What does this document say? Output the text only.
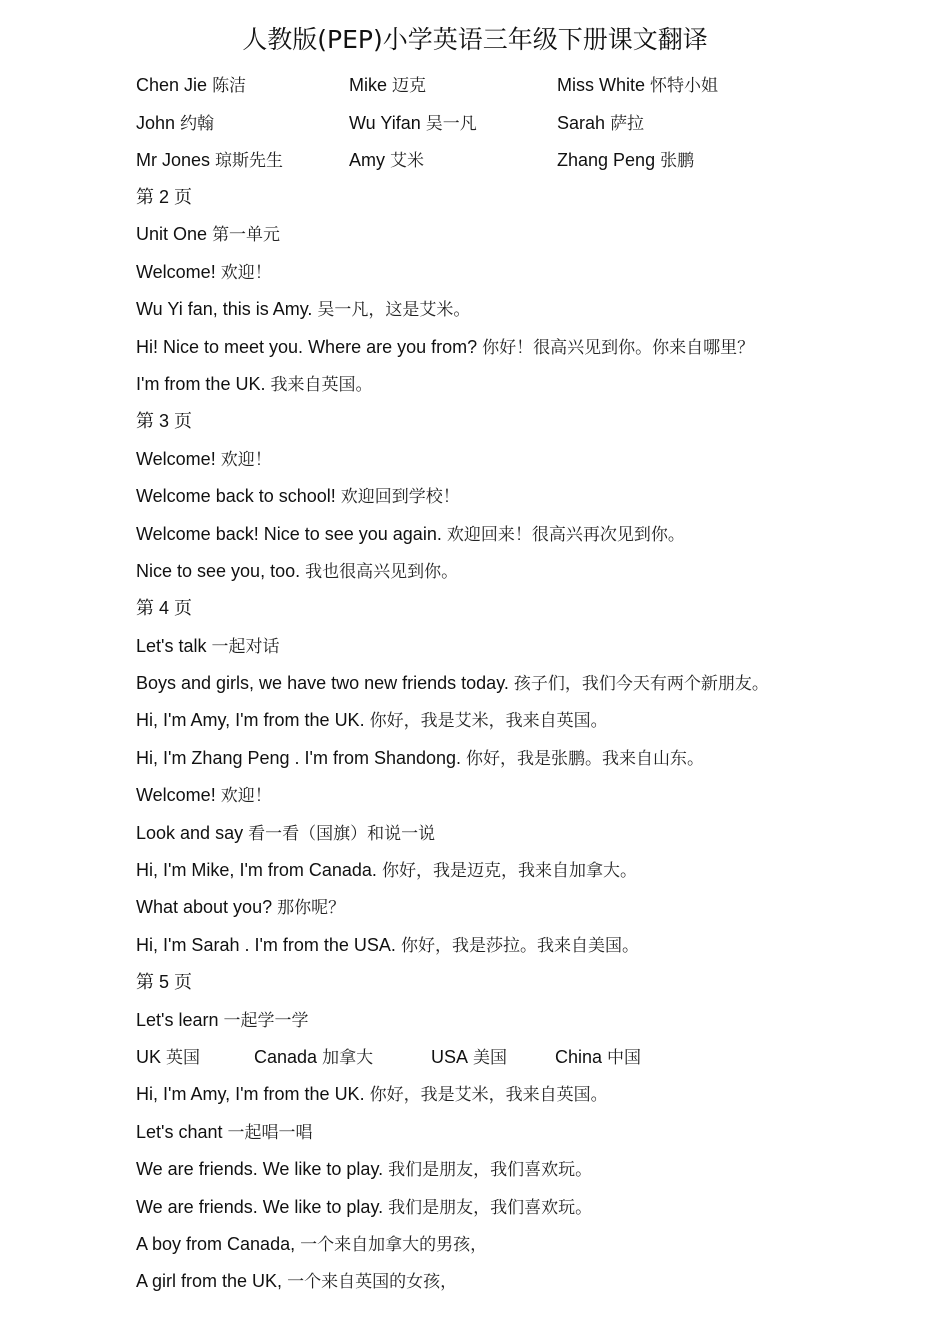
人教版(PEP)小学英语三年级下册课文翻译
Chen Jie 陈洁	Mike 迈克	Miss White 怀特小姐
John 约翰	Wu Yifan 吴一凡	Sarah 萨拉
Mr Jones 琼斯先生	Amy 艾米	Zhang Peng 张鹏
第 2 页
Unit One 第一单元
Welcome! 欢迎！
Wu Yi fan, this is Amy. 吴一凡，这是艾米。
Hi! Nice to meet you. Where are you from? 你好！很高兴见到你。你来自哪里？
I'm from the UK. 我来自英国。
第 3 页
Welcome! 欢迎！
Welcome back to school! 欢迎回到学校！
Welcome back! Nice to see you again. 欢迎回来！很高兴再次见到你。
Nice to see you, too. 我也很高兴见到你。
第 4 页
Let's talk 一起对话
Boys and girls, we have two new friends today. 孩子们，我们今天有两个新朋友。
Hi, I'm Amy, I'm from the UK. 你好，我是艾米，我来自英国。
Hi, I'm Zhang Peng . I'm from Shandong. 你好，我是张鹏。我来自山东。
Welcome! 欢迎！
Look and say 看一看（国旗）和说一说
Hi, I'm Mike, I'm from Canada. 你好，我是迈克，我来自加拿大。
What about you? 那你呢？
Hi, I'm Sarah . I'm from the USA. 你好，我是莎拉。我来自美国。
第 5 页
Let's learn 一起学一学
UK 英国	Canada 加拿大	USA 美国	China 中国
Hi, I'm Amy, I'm from the UK. 你好，我是艾米，我来自英国。
Let's chant 一起唱一唱
We are friends. We like to play. 我们是朋友，我们喜欢玩。
We are friends. We like to play. 我们是朋友，我们喜欢玩。
A boy from Canada, 一个来自加拿大的男孩，
A girl from the UK, 一个来自英国的女孩，
